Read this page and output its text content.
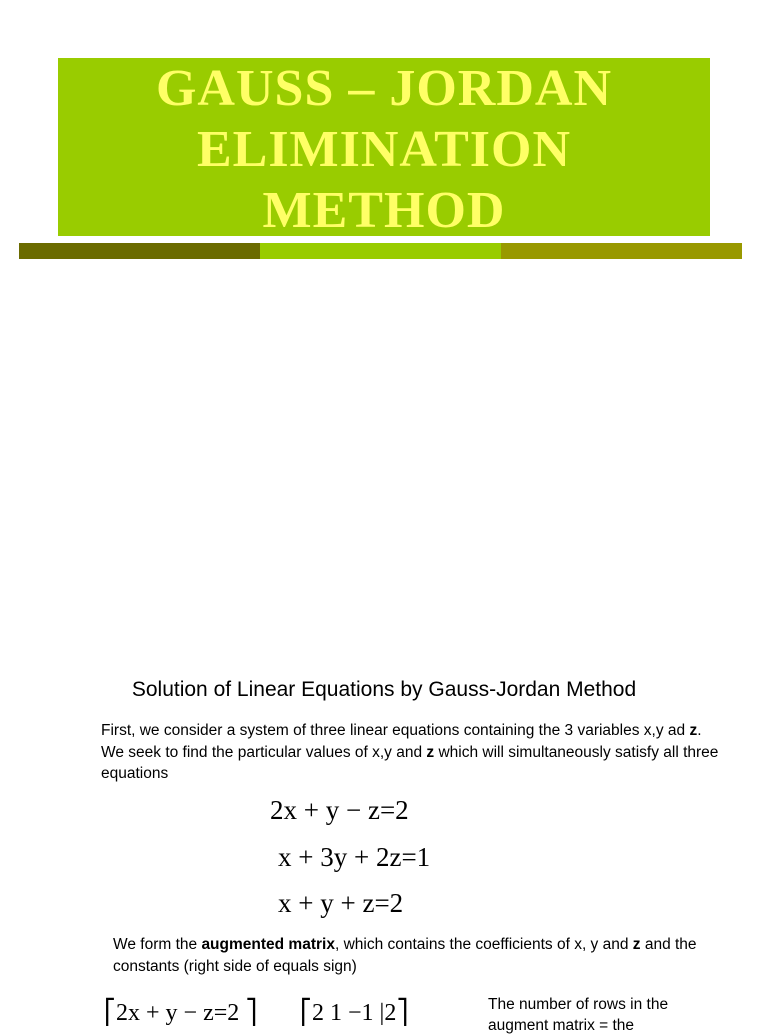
GAUSS – JORDAN
ELIMINATION
METHOD
Solution of Linear Equations by Gauss-Jordan Method
First, we consider a system of three linear equations containing the 3 variables x,y ad z. We seek to find the particular values of x,y and z which will simultaneously satisfy all three equations
2x + y − z=2
x + 3y + 2z=1
x + y + z=2
We form the augmented matrix, which contains the coefficients of x, y and z and the constants (right side of equals sign)
⎡2x + y − z=2 ⎤ ⎡2 1 −1 |2⎤	The number of rows in the augment matrix = the
